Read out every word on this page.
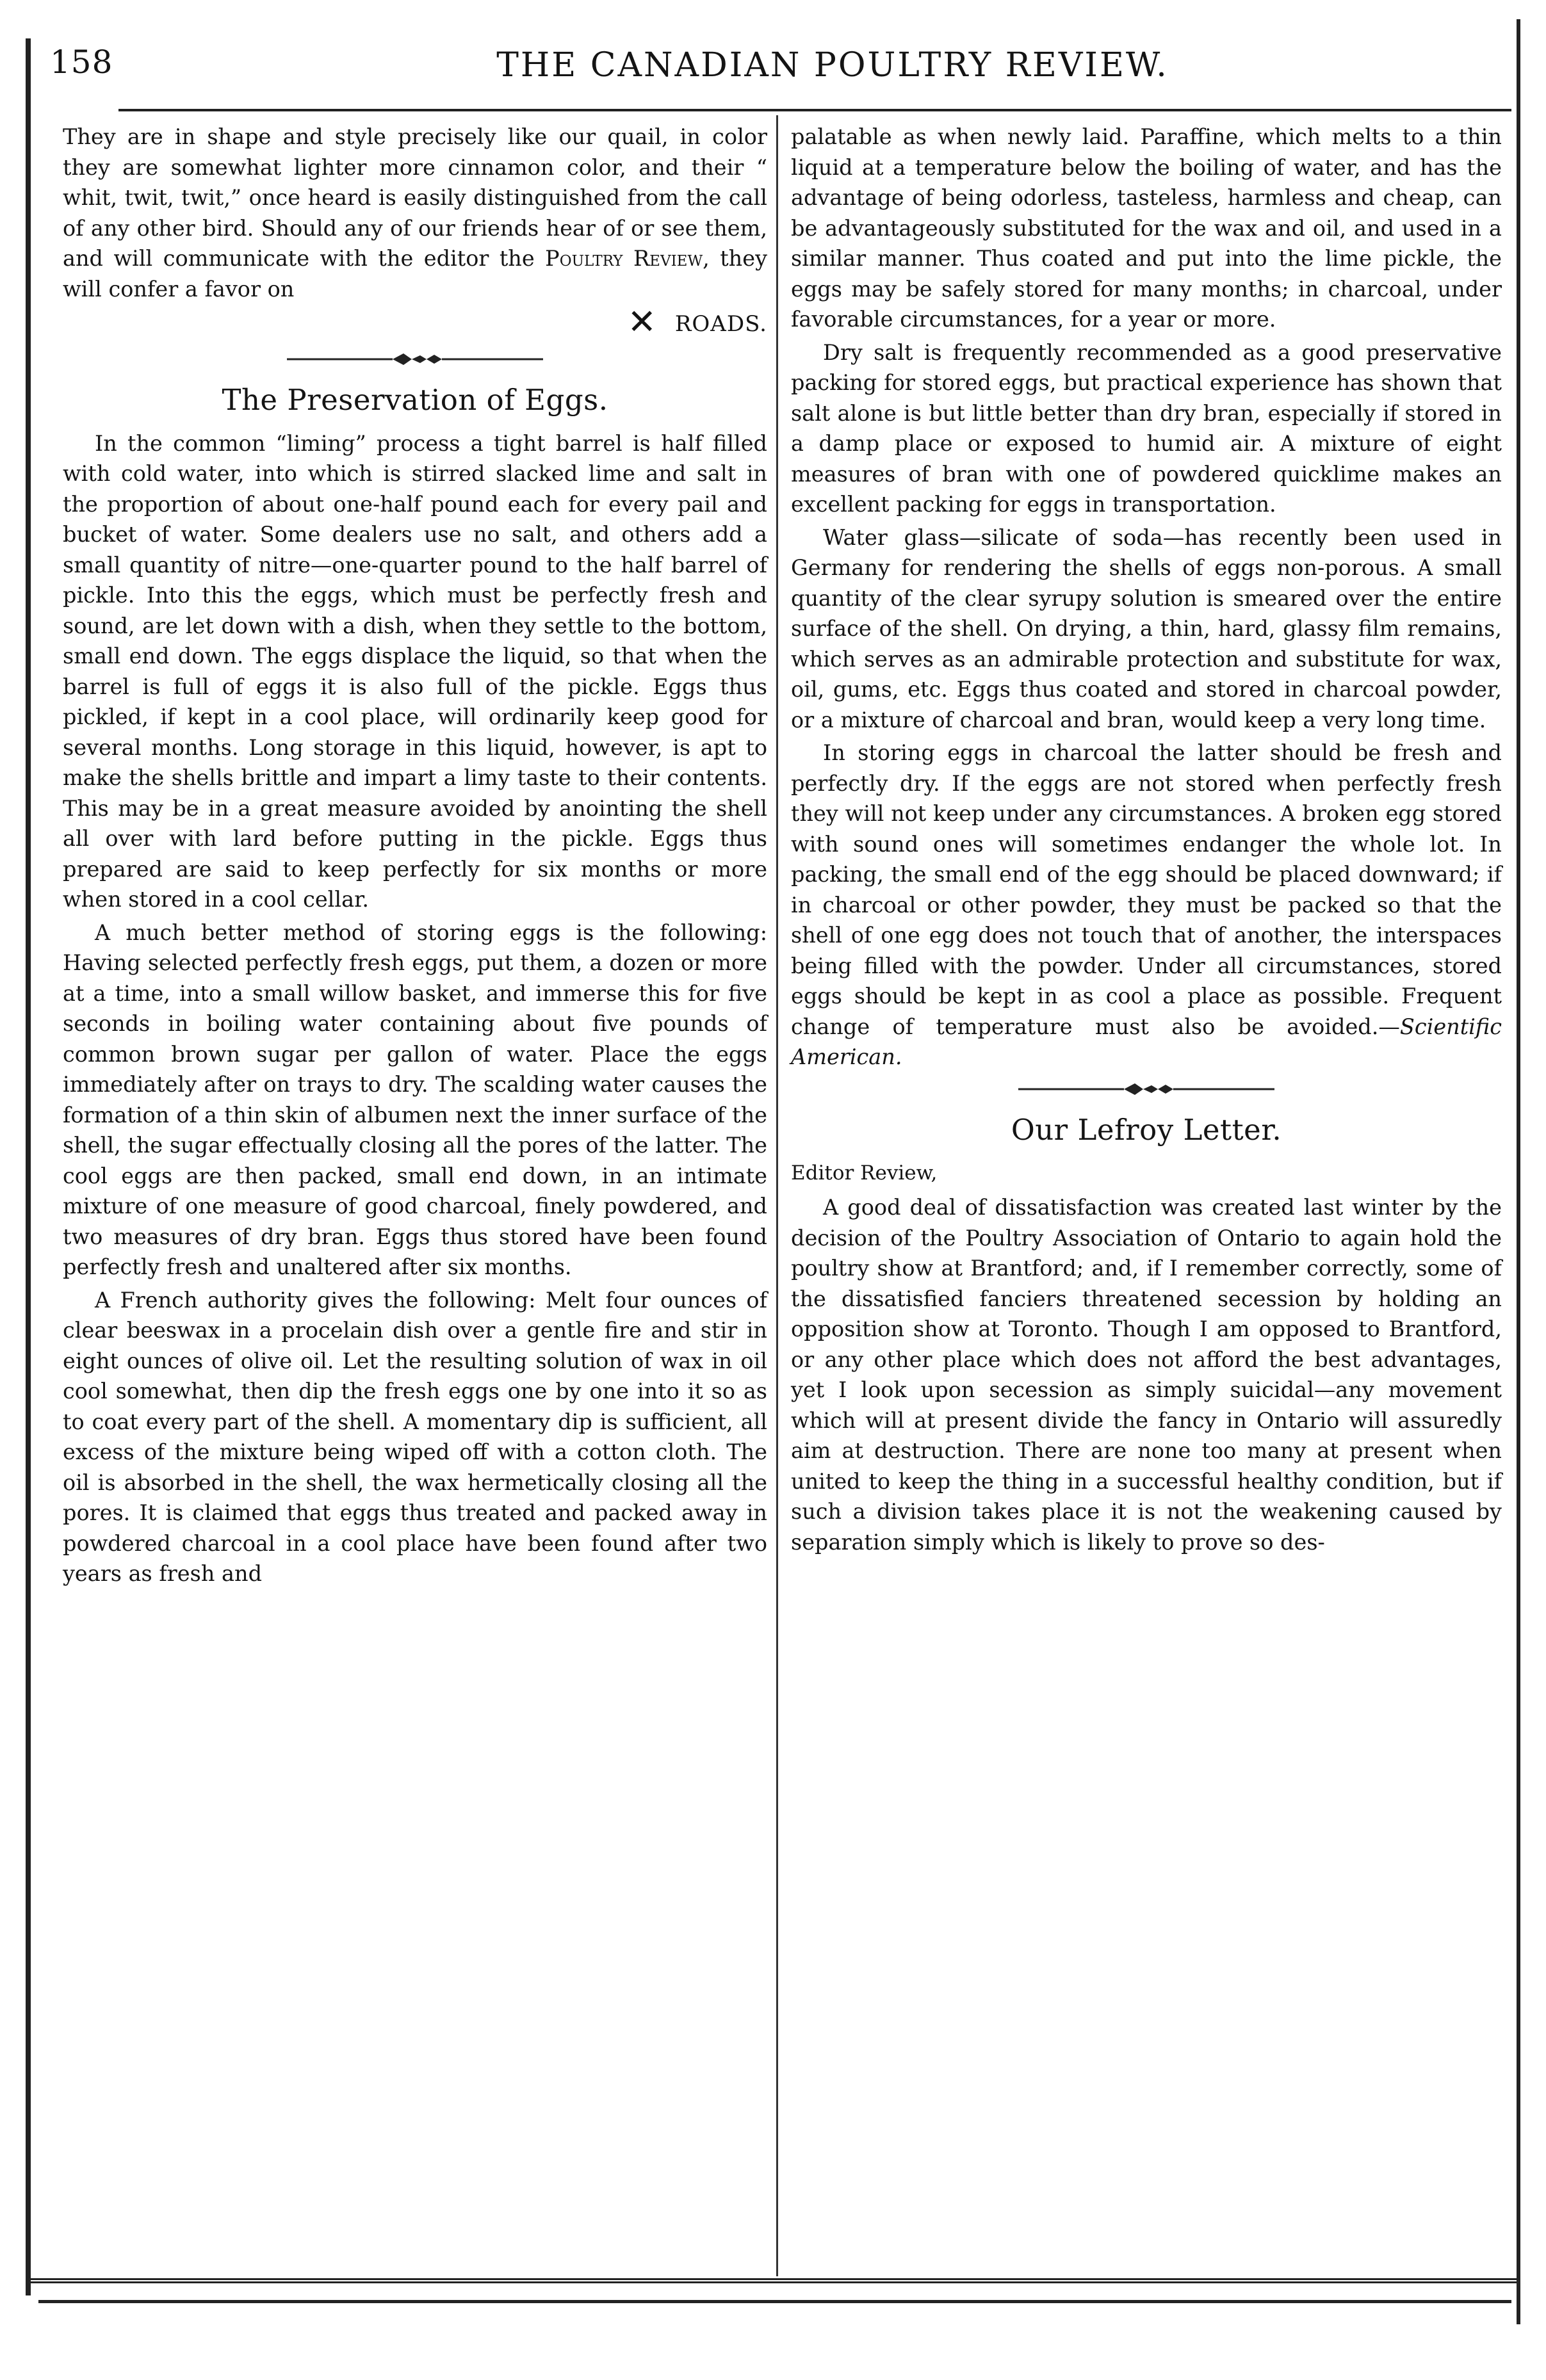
158	THE CANADIAN POULTRY REVIEW.

They are in shape and style precisely like our quail, in color they are somewhat lighter more cinnamon color, and their “ whit, twit, twit,” once heard is easily distinguished from the call of any other bird. Should any of our friends hear of or see them, and will communicate with the editor the Poultry Review, they will confer a favor on

✕ ROADS.
The Preservation of Eggs.

In the common “liming” process a tight barrel is half filled with cold water, into which is stirred slacked lime and salt in the proportion of about one-half pound each for every pail and bucket of water. Some dealers use no salt, and others add a small quantity of nitre—one-quarter pound to the half barrel of pickle. Into this the eggs, which must be perfectly fresh and sound, are let down with a dish, when they settle to the bottom, small end down. The eggs displace the liquid, so that when the barrel is full of eggs it is also full of the pickle. Eggs thus pickled, if kept in a cool place, will ordinarily keep good for several months. Long storage in this liquid, however, is apt to make the shells brittle and impart a limy taste to their contents. This may be in a great measure avoided by anointing the shell all over with lard before putting in the pickle. Eggs thus prepared are said to keep perfectly for six months or more when stored in a cool cellar.

A much better method of storing eggs is the following: Having selected perfectly fresh eggs, put them, a dozen or more at a time, into a small willow basket, and immerse this for five seconds in boiling water containing about five pounds of common brown sugar per gallon of water. Place the eggs immediately after on trays to dry. The scalding water causes the formation of a thin skin of albumen next the inner surface of the shell, the sugar effectually closing all the pores of the latter. The cool eggs are then packed, small end down, in an intimate mixture of one measure of good charcoal, finely powdered, and two measures of dry bran. Eggs thus stored have been found perfectly fresh and unaltered after six months.

A French authority gives the following: Melt four ounces of clear beeswax in a procelain dish over a gentle fire and stir in eight ounces of olive oil. Let the resulting solution of wax in oil cool somewhat, then dip the fresh eggs one by one into it so as to coat every part of the shell. A momentary dip is sufficient, all excess of the mixture being wiped off with a cotton cloth. The oil is absorbed in the shell, the wax hermetically closing all the pores. It is claimed that eggs thus treated and packed away in powdered charcoal in a cool place have been found after two years as fresh and

palatable as when newly laid. Paraffine, which melts to a thin liquid at a temperature below the boiling of water, and has the advantage of being odorless, tasteless, harmless and cheap, can be advantageously substituted for the wax and oil, and used in a similar manner. Thus coated and put into the lime pickle, the eggs may be safely stored for many months; in charcoal, under favorable circumstances, for a year or more.

Dry salt is frequently recommended as a good preservative packing for stored eggs, but practical experience has shown that salt alone is but little better than dry bran, especially if stored in a damp place or exposed to humid air. A mixture of eight measures of bran with one of powdered quicklime makes an excellent packing for eggs in transportation.

Water glass—silicate of soda—has recently been used in Germany for rendering the shells of eggs non-porous. A small quantity of the clear syrupy solution is smeared over the entire surface of the shell. On drying, a thin, hard, glassy film remains, which serves as an admirable protection and substitute for wax, oil, gums, etc. Eggs thus coated and stored in charcoal powder, or a mixture of charcoal and bran, would keep a very long time.

In storing eggs in charcoal the latter should be fresh and perfectly dry. If the eggs are not stored when perfectly fresh they will not keep under any circumstances. A broken egg stored with sound ones will sometimes endanger the whole lot. In packing, the small end of the egg should be placed downward; if in charcoal or other powder, they must be packed so that the shell of one egg does not touch that of another, the interspaces being filled with the powder. Under all circumstances, stored eggs should be kept in as cool a place as possible. Frequent change of temperature must also be avoided.—Scientific American.

Our Lefroy Letter.
Editor Review,

A good deal of dissatisfaction was created last winter by the decision of the Poultry Association of Ontario to again hold the poultry show at Brantford; and, if I remember correctly, some of the dissatisfied fanciers threatened secession by holding an opposition show at Toronto. Though I am opposed to Brantford, or any other place which does not afford the best advantages, yet I look upon secession as simply suicidal—any movement which will at present divide the fancy in Ontario will assuredly aim at destruction. There are none too many at present when united to keep the thing in a successful healthy condition, but if such a division takes place it is not the weakening caused by separation simply which is likely to prove so des-
